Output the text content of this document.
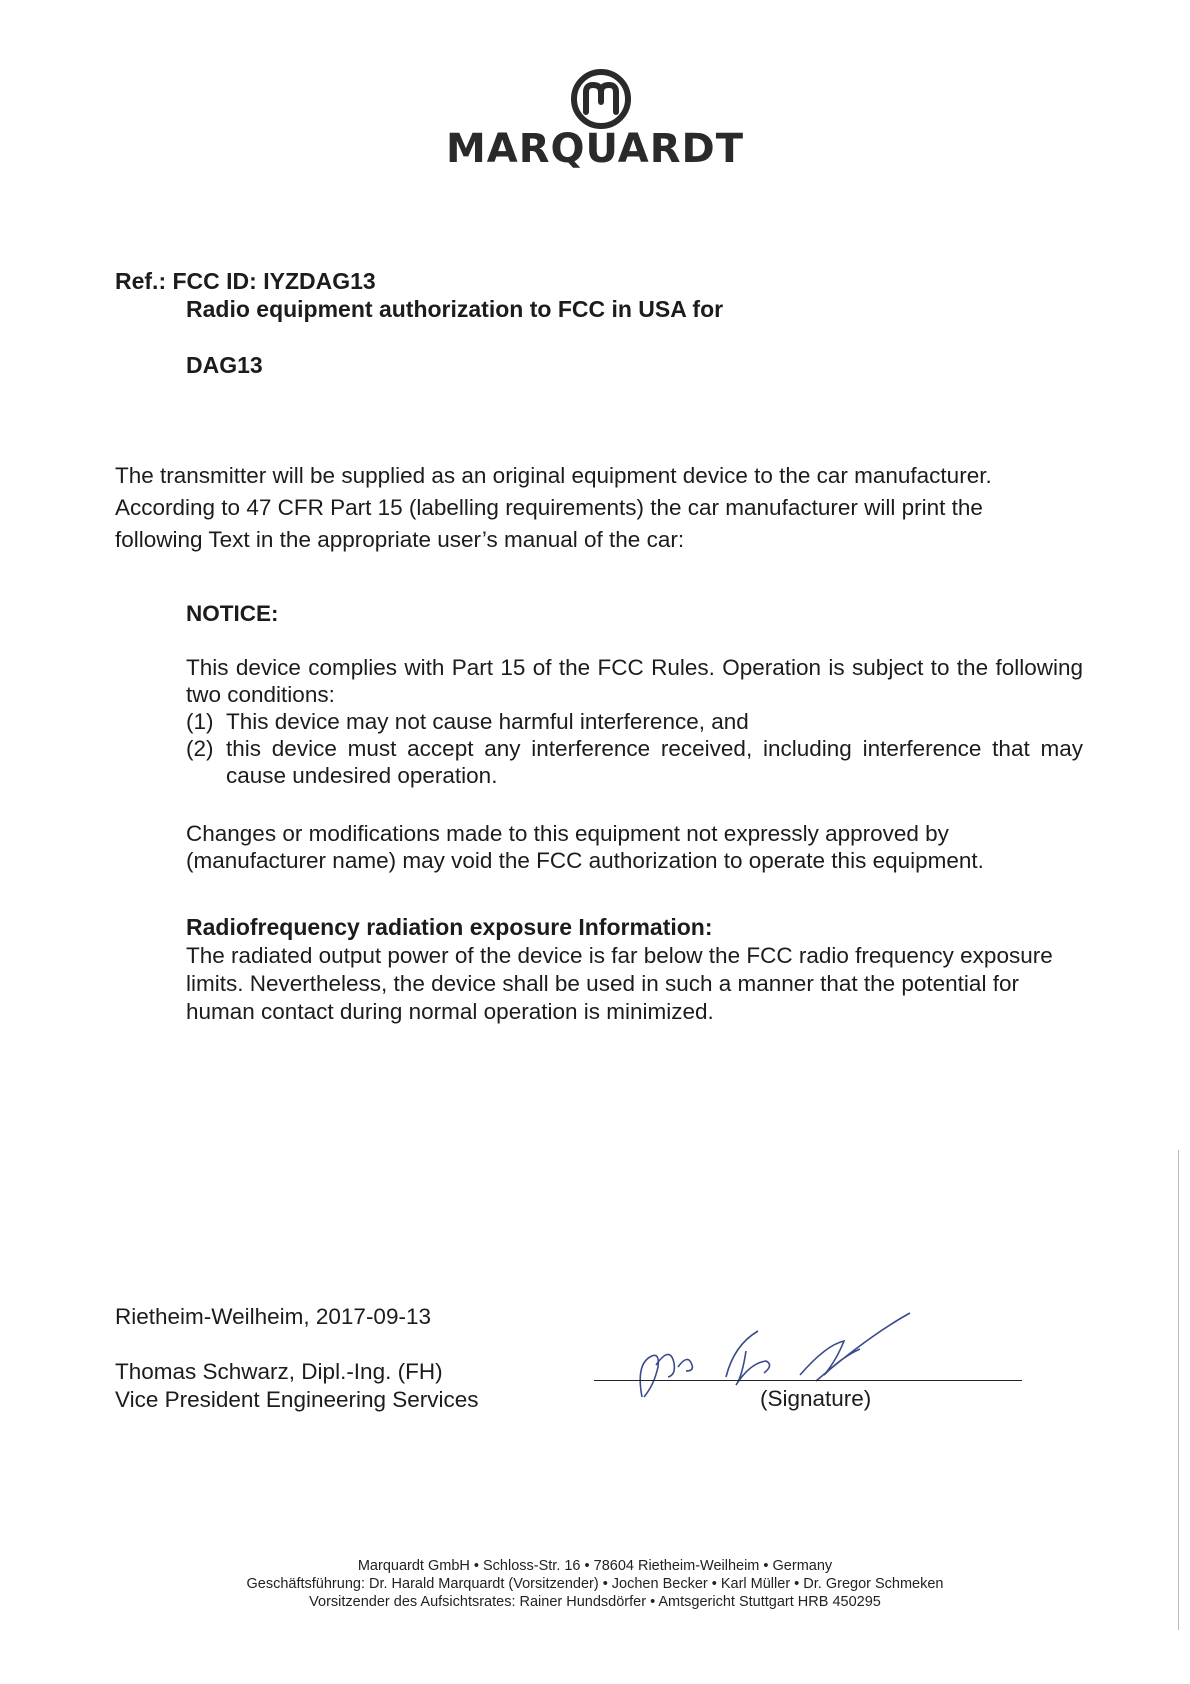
MARQUARDT
Ref.: FCC ID: IYZDAG13
Radio equipment authorization to FCC in USA for
DAG13
The transmitter will be supplied as an original equipment device to the car manufacturer.
According to 47 CFR Part 15 (labelling requirements) the car manufacturer will print the
following Text in the appropriate user’s manual of the car:
NOTICE:
This device complies with Part 15 of the FCC Rules. Operation is subject to the following two conditions:
(1) This device may not cause harmful interference, and
(2) this device must accept any interference received, including interference that may cause undesired operation.
Changes or modifications made to this equipment not expressly approved by (manufacturer name) may void the FCC authorization to operate this equipment.
Radiofrequency radiation exposure Information:
The radiated output power of the device is far below the FCC radio frequency exposure limits. Nevertheless, the device shall be used in such a manner that the potential for human contact during normal operation is minimized.
Rietheim-Weilheim, 2017-09-13
Thomas Schwarz, Dipl.-Ing. (FH)
Vice President Engineering Services	(Signature)
Marquardt GmbH • Schloss-Str. 16 • 78604 Rietheim-Weilheim • Germany
Geschäftsführung: Dr. Harald Marquardt (Vorsitzender) • Jochen Becker • Karl Müller • Dr. Gregor Schmeken
Vorsitzender des Aufsichtsrates: Rainer Hundsdörfer • Amtsgericht Stuttgart HRB 450295
